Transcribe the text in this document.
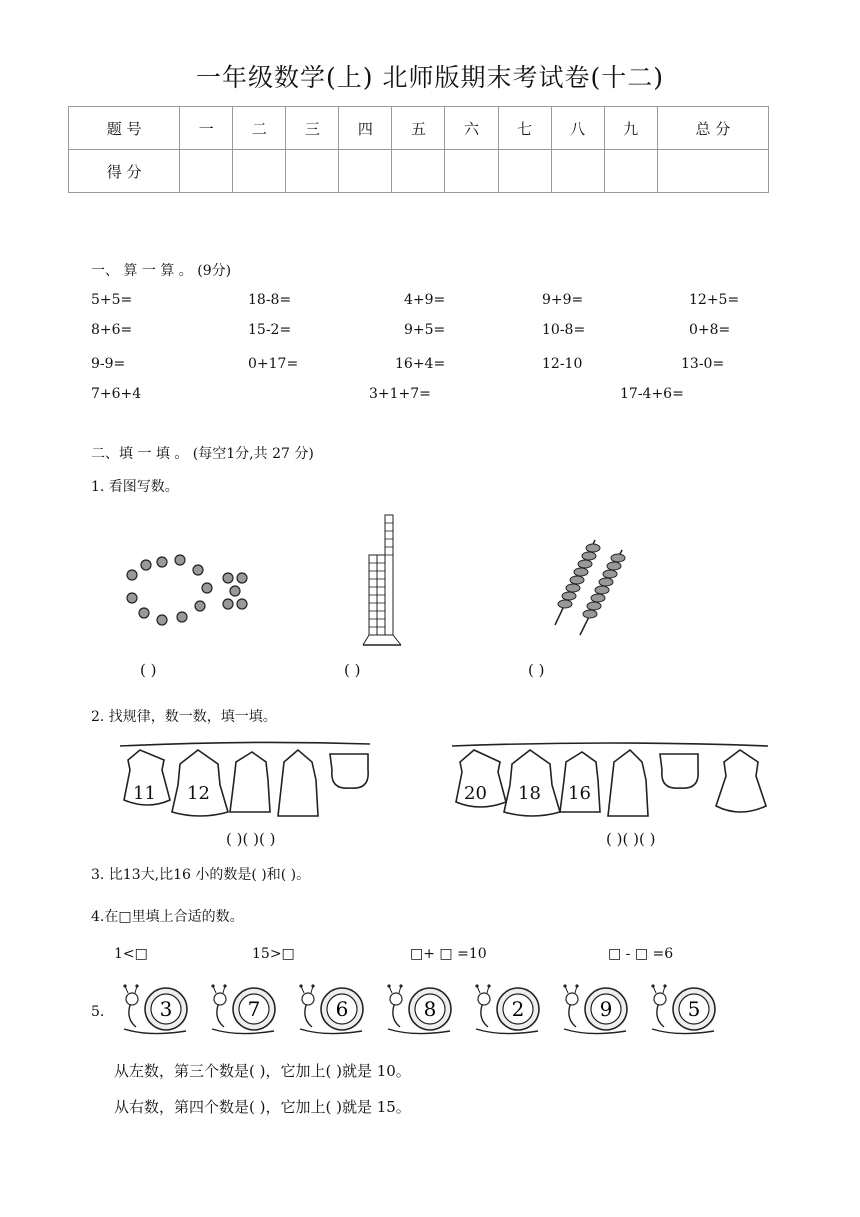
一年级数学(上) 北师版期末考试卷(十二)
题 号	一	二	三	四	五	六	七	八	九	总 分
得 分										
一、 算 一 算 。 (9分)
5+5=	18-8=	4+9=	9+9=	12+5=
8+6=	15-2=	9+5=	10-8=	0+8=
9-9=	0+17=	16+4=	12-10	13-0=
7+6+4	3+1+7=	17-4+6=
二、填 一 填 。 (每空1分,共 27 分)
1. 看图写数。
( )	( )	( )
2. 找规律，数一数，填一填。
11 12
( )( )( )
20 18 16
( )( )( )
3. 比13大,比16 小的数是( )和( )。
4.在□里填上合适的数。
1<□	15>□	□+ □ =10	□ - □ =6
5.	3	7	6	8	2	9	5
从左数，第三个数是( )，它加上( )就是 10。
从右数，第四个数是( )，它加上( )就是 15。
